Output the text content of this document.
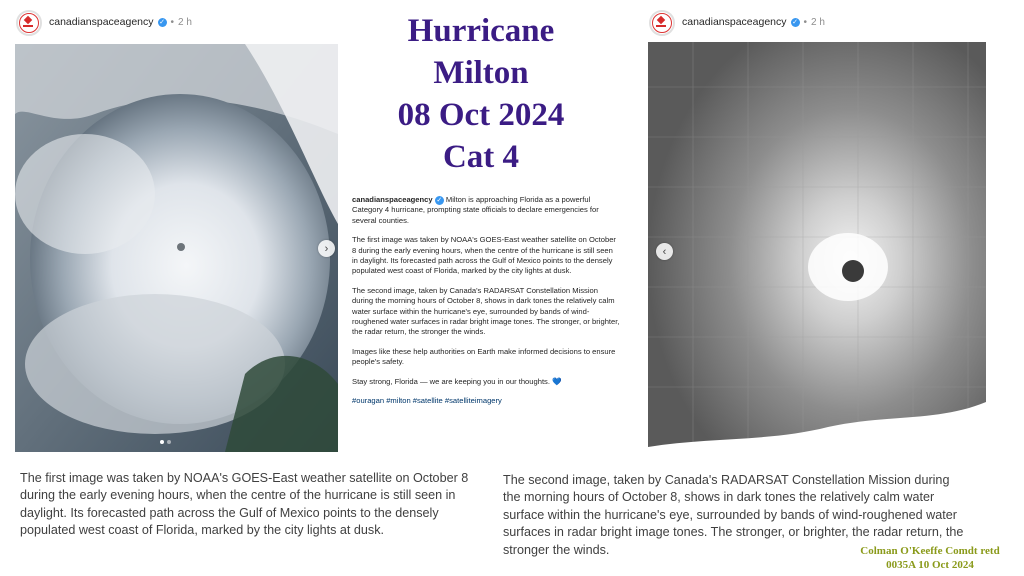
canadianspaceagency ✓ • 2 h
›
Hurricane
Milton
08 Oct 2024
Cat 4

canadianspaceagency ✓ Milton is approaching Florida as a powerful Category 4 hurricane, prompting state officials to declare emergencies for several counties.

The first image was taken by NOAA's GOES-East weather satellite on October 8 during the early evening hours, when the centre of the hurricane is still seen in daylight. Its forecasted path across the Gulf of Mexico points to the densely populated west coast of Florida, marked by the city lights at dusk.

The second image, taken by Canada's RADARSAT Constellation Mission during the morning hours of October 8, shows in dark tones the relatively calm water surface within the hurricane's eye, surrounded by bands of wind-roughened water surfaces in radar bright image tones. The stronger, or brighter, the radar return, the stronger the winds.

Images like these help authorities on Earth make informed decisions to ensure people's safety.

Stay strong, Florida — we are keeping you in our thoughts. 💙

#ouragan #milton #satellite #satelliteimagery

canadianspaceagency ✓ • 2 h
‹
The first image was taken by NOAA's GOES-East weather satellite on October 8 during the early evening hours, when the centre of the hurricane is still seen in daylight. Its forecasted path across the Gulf of Mexico points to the densely populated west coast of Florida, marked by the city lights at dusk.
The second image, taken by Canada's RADARSAT Constellation Mission during the morning hours of October 8, shows in dark tones the relatively calm water surface within the hurricane's eye, surrounded by bands of wind-roughened water surfaces in radar bright image tones. The stronger, or brighter, the radar return, the stronger the winds.	Colman O'Keeffe Comdt retd
0035A 10 Oct 2024
